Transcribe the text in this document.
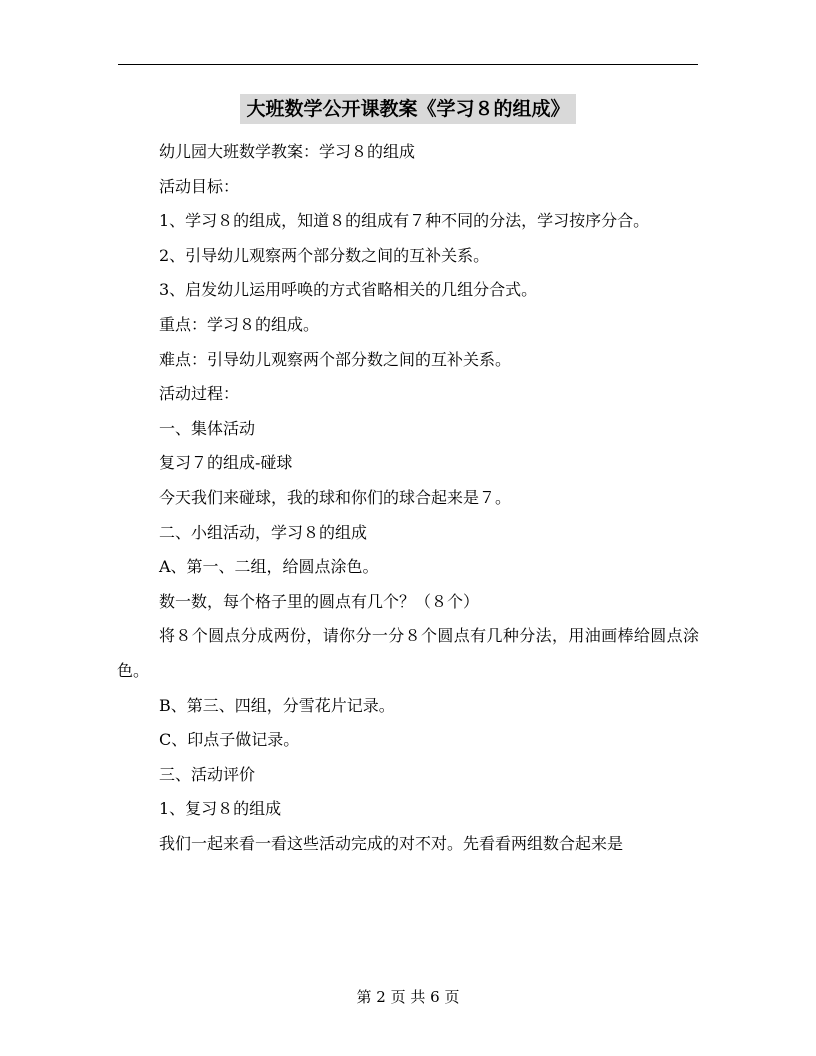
大班数学公开课教案《学习８的组成》

幼儿园大班数学教案：学习８的组成

活动目标：

1、学习８的组成，知道８的组成有７种不同的分法，学习按序分合。

2、引导幼儿观察两个部分数之间的互补关系。

3、启发幼儿运用呼唤的方式省略相关的几组分合式。

重点：学习８的组成。

难点：引导幼儿观察两个部分数之间的互补关系。

活动过程：

一、集体活动

复习７的组成-碰球

今天我们来碰球，我的球和你们的球合起来是７。

二、小组活动，学习８的组成

A、第一、二组，给圆点涂色。

数一数，每个格子里的圆点有几个？（８个）

将８个圆点分成两份，请你分一分８个圆点有几种分法，用油画棒给圆点涂色。

B、第三、四组，分雪花片记录。

C、印点子做记录。

三、活动评价

1、复习８的组成

我们一起来看一看这些活动完成的对不对。先看看两组数合起来是

第 2 页 共 6 页
